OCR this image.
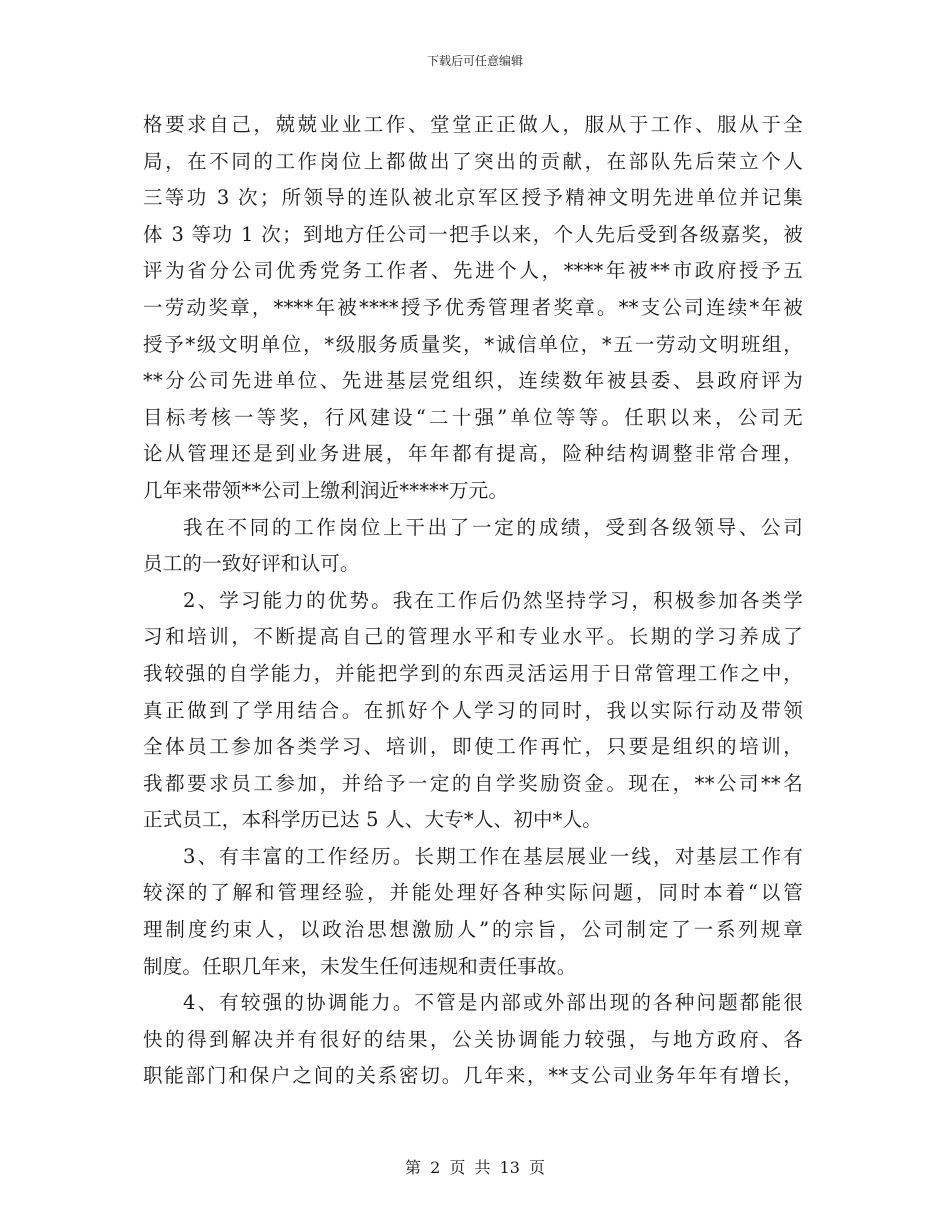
下载后可任意编辑
格要求自己，兢兢业业工作、堂堂正正做人，服从于工作、服从于全
局，在不同的工作岗位上都做出了突出的贡献，在部队先后荣立个人
三等功 3 次；所领导的连队被北京军区授予精神文明先进单位并记集
体 3 等功 1 次；到地方任公司一把手以来，个人先后受到各级嘉奖，被
评为省分公司优秀党务工作者、先进个人，****年被**市政府授予五
一劳动奖章，****年被****授予优秀管理者奖章。**支公司连续*年被
授予*级文明单位，*级服务质量奖，*诚信单位，*五一劳动文明班组，
**分公司先进单位、先进基层党组织，连续数年被县委、县政府评为
目标考核一等奖，行风建设“二十强”单位等等。任职以来，公司无
论从管理还是到业务进展，年年都有提高，险种结构调整非常合理，
几年来带领**公司上缴利润近*****万元。
我在不同的工作岗位上干出了一定的成绩，受到各级领导、公司
员工的一致好评和认可。
2、学习能力的优势。我在工作后仍然坚持学习，积极参加各类学
习和培训，不断提高自己的管理水平和专业水平。长期的学习养成了
我较强的自学能力，并能把学到的东西灵活运用于日常管理工作之中，
真正做到了学用结合。在抓好个人学习的同时，我以实际行动及带领
全体员工参加各类学习、培训，即使工作再忙，只要是组织的培训，
我都要求员工参加，并给予一定的自学奖励资金。现在，**公司**名
正式员工，本科学历已达 5 人、大专*人、初中*人。
3、有丰富的工作经历。长期工作在基层展业一线，对基层工作有
较深的了解和管理经验，并能处理好各种实际问题，同时本着“以管
理制度约束人，以政治思想激励人”的宗旨，公司制定了一系列规章
制度。任职几年来，未发生任何违规和责任事故。
4、有较强的协调能力。不管是内部或外部出现的各种问题都能很
快的得到解决并有很好的结果，公关协调能力较强，与地方政府、各
职能部门和保户之间的关系密切。几年来，**支公司业务年年有增长，
第 2 页 共 13 页
